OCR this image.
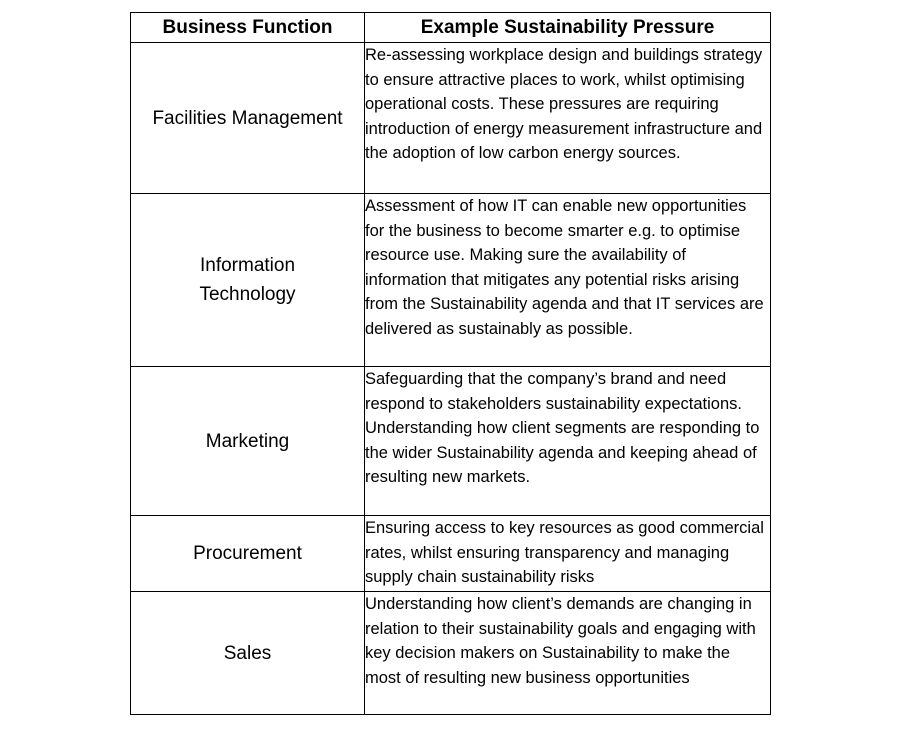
Business Function	Example Sustainability Pressure
Facilities Management	Re-assessing workplace design and buildings strategy to ensure attractive places to work, whilst optimising operational costs. These pressures are requiring introduction of energy measurement infrastructure and the adoption of low carbon energy sources.
Information Technology	Assessment of how IT can enable new opportunities for the business to become smarter e.g. to optimise resource use. Making sure the availability of information that mitigates any potential risks arising from the Sustainability agenda and that IT services are delivered as sustainably as possible.
Marketing	Safeguarding that the company’s brand and need respond to stakeholders sustainability expectations. Understanding how client segments are responding to the wider Sustainability agenda and keeping ahead of resulting new markets.
Procurement	Ensuring access to key resources as good commercial rates, whilst ensuring transparency and managing supply chain sustainability risks
Sales	Understanding how client’s demands are changing in relation to their sustainability goals and engaging with key decision makers on Sustainability to make the most of resulting new business opportunities
